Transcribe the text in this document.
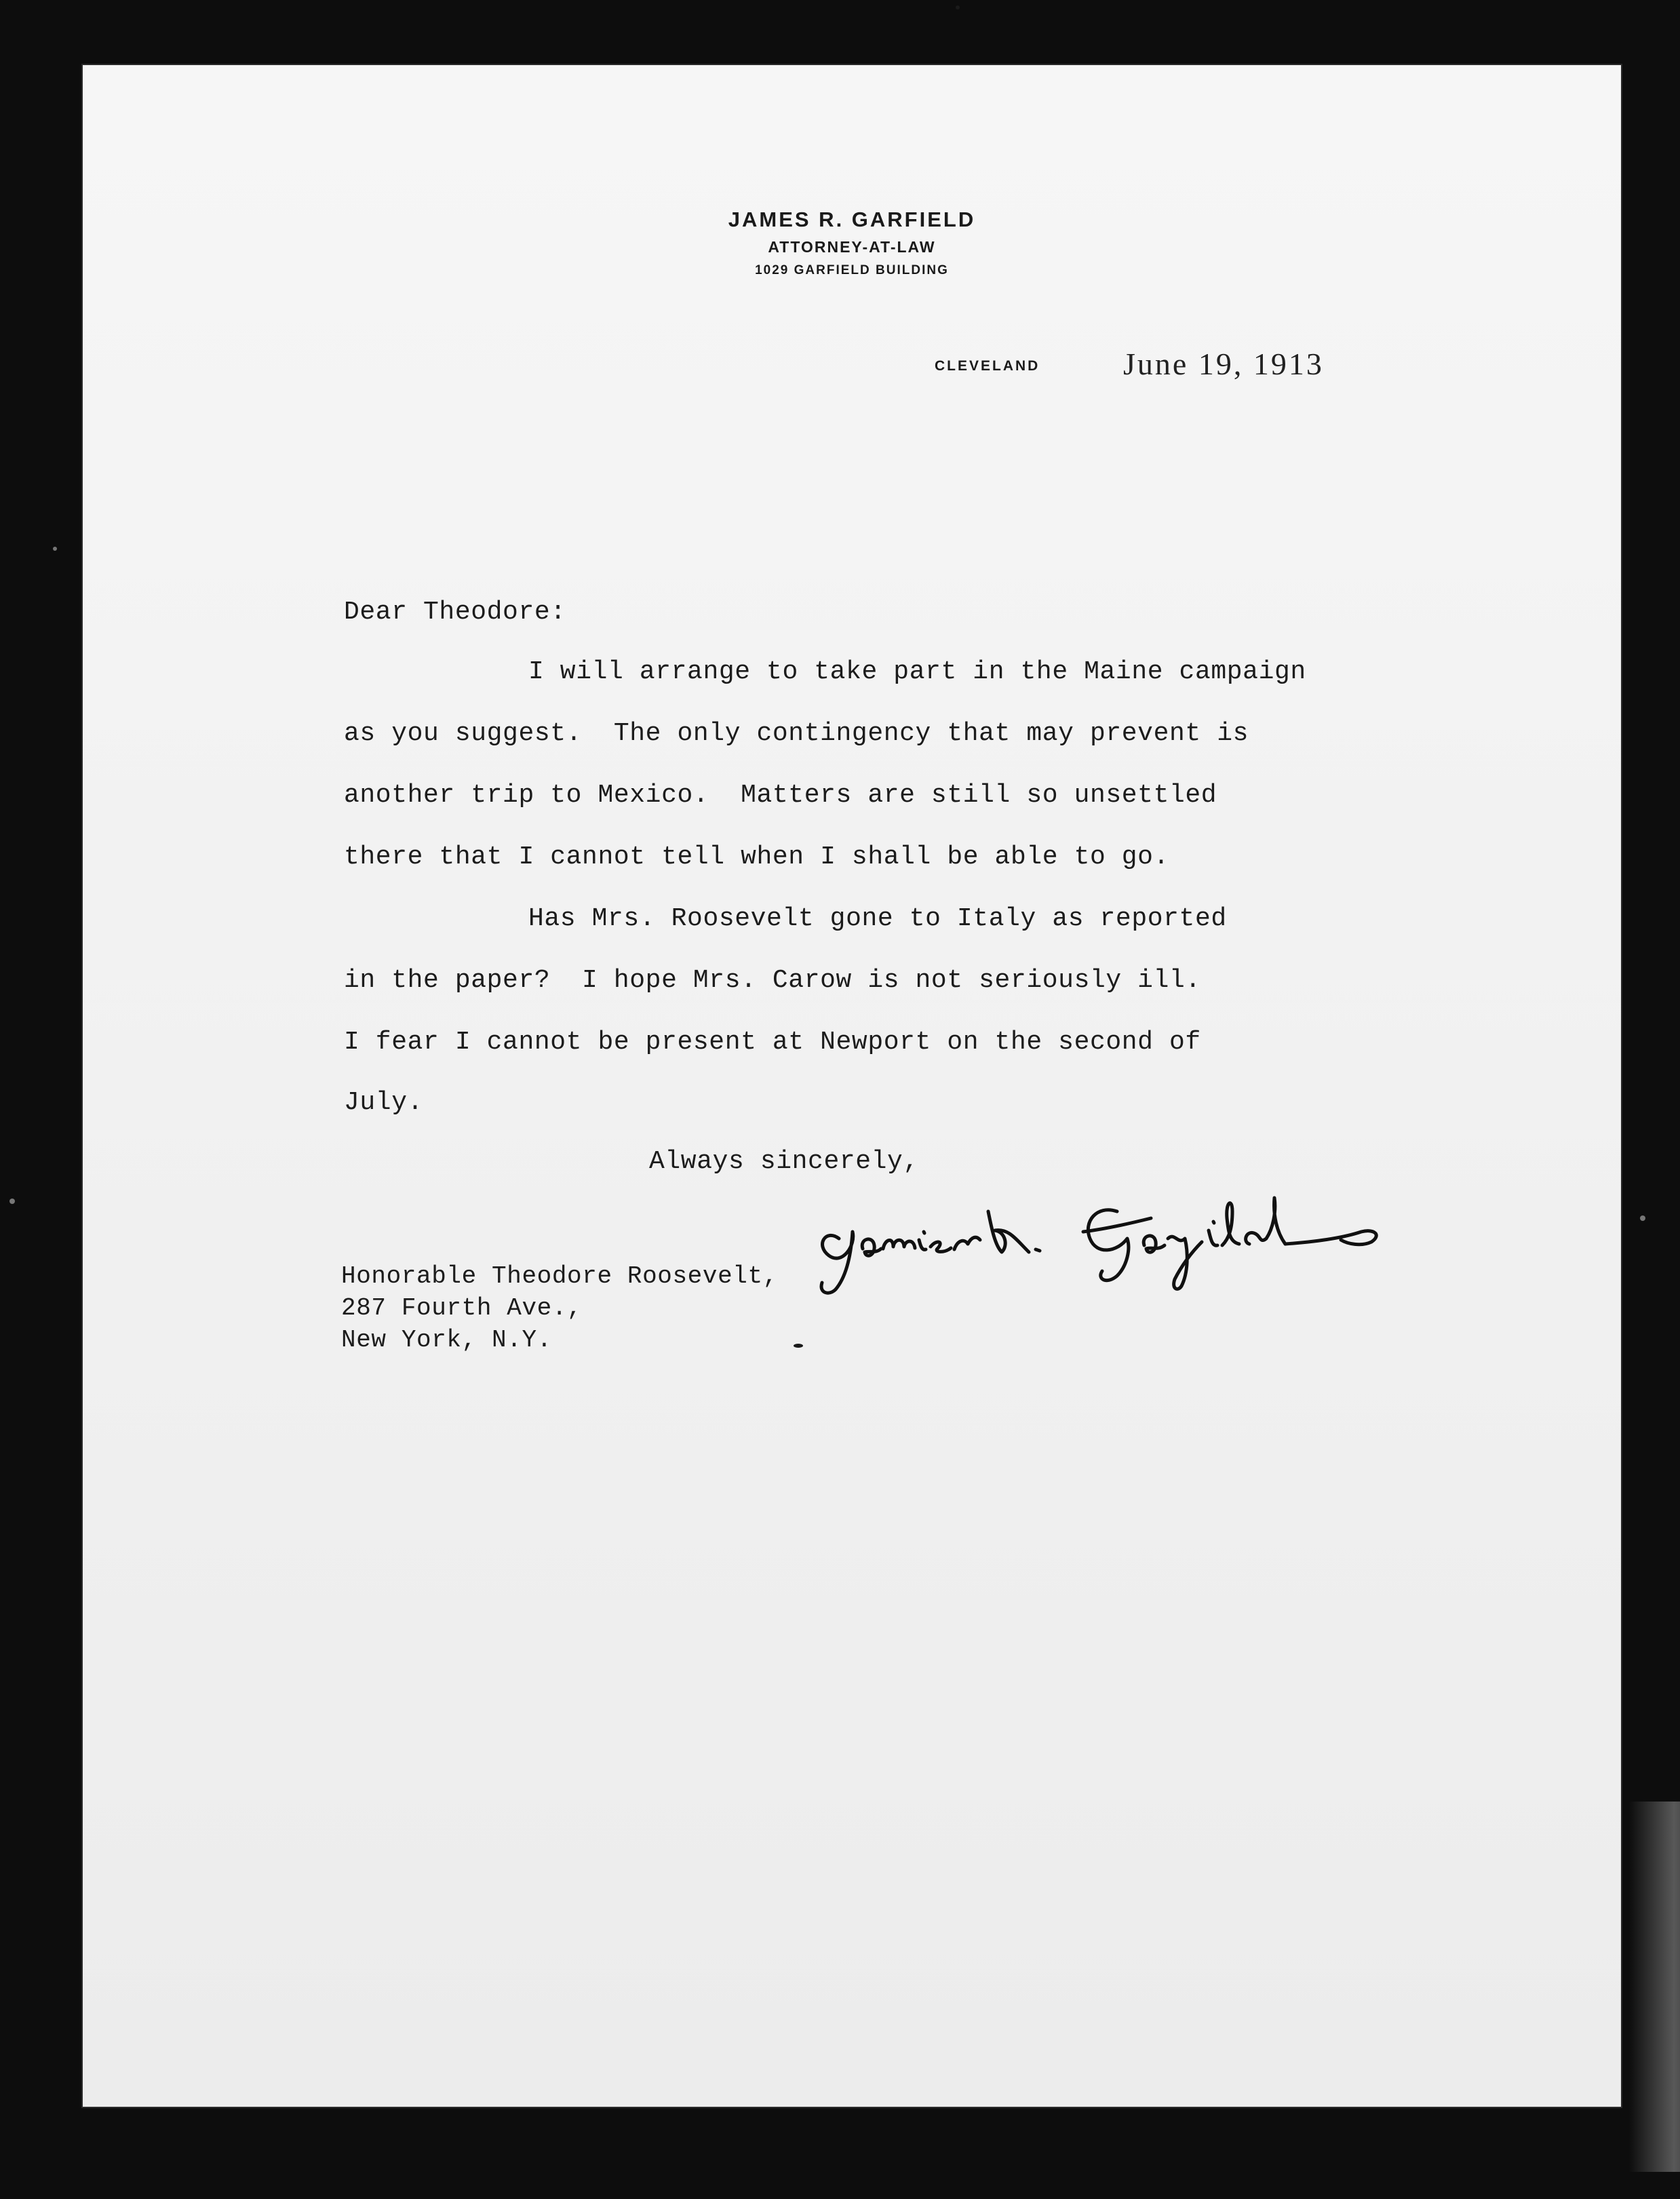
JAMES R. GARFIELD
ATTORNEY-AT-LAW
1029 GARFIELD BUILDING
CLEVELAND	June 19, 1913
Dear Theodore:
I will arrange to take part in the Maine campaign
as you suggest.  The only contingency that may prevent is
another trip to Mexico.  Matters are still so unsettled
there that I cannot tell when I shall be able to go.
Has Mrs. Roosevelt gone to Italy as reported
in the paper?  I hope Mrs. Carow is not seriously ill.
I fear I cannot be present at Newport on the second of
July.
Always sincerely,
Honorable Theodore Roosevelt,
287 Fourth Ave.,
New York, N.Y.
